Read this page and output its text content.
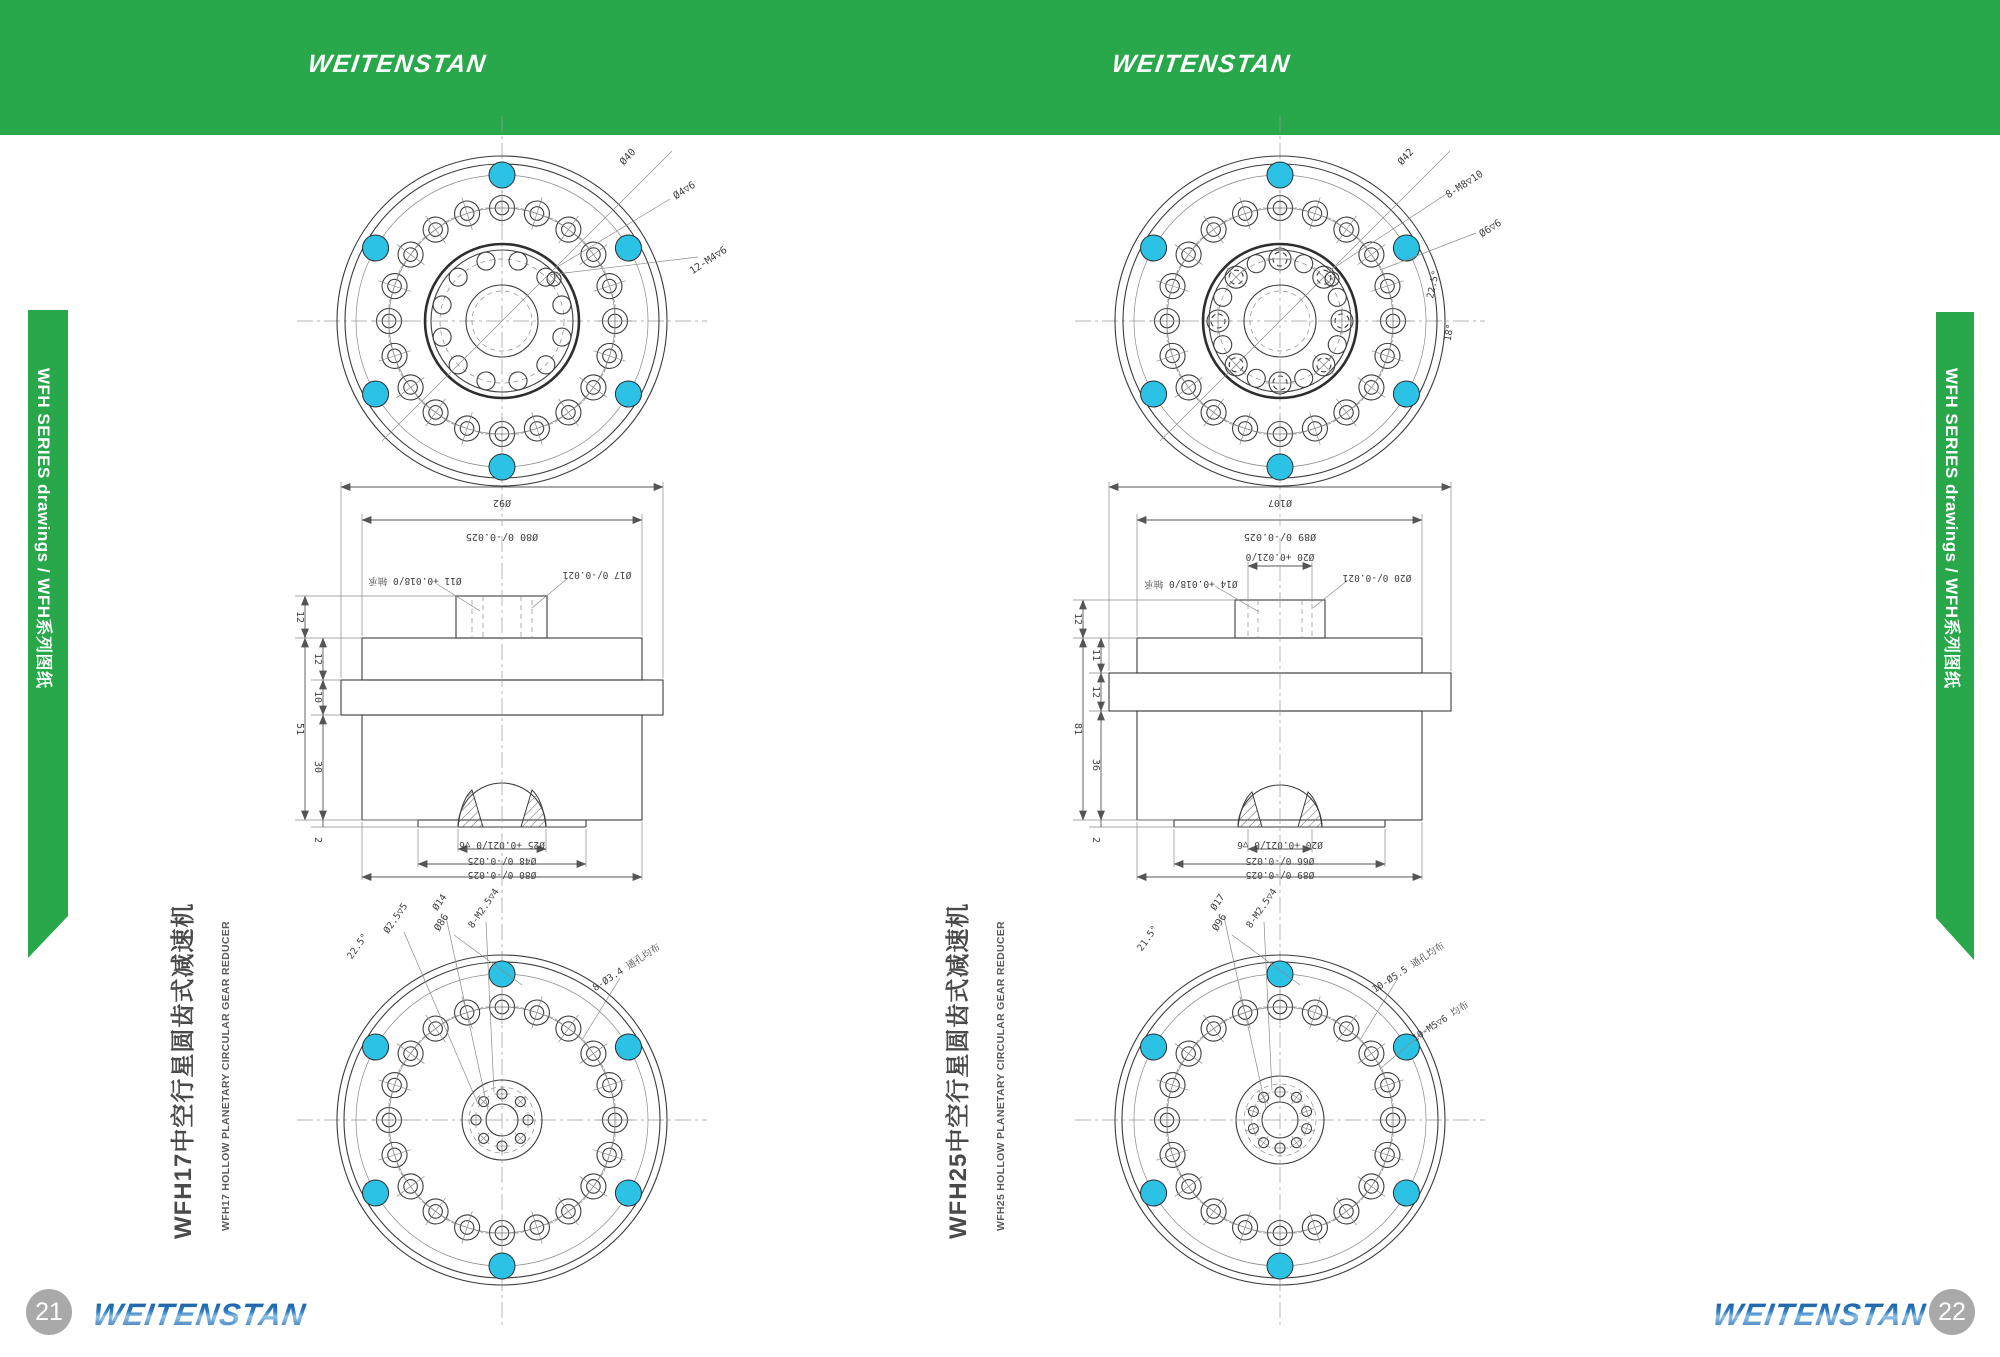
WEITENSTAN	WEITENSTAN
WFH SERIES drawings / WFH系列图纸	WFH SERIES drawings / WFH系列图纸
Ø40
Ø4▽6
12-M4▽6
Ø92
Ø80 0/-0.025
Ø11 +0.018/0 轴承
Ø17 0/-0.021
12
12
10
51
30
2	Ø25 +0.021/0 ▽6
Ø48 0/-0.025
Ø80 0/-0.025
Ø86
8-Ø3.4 通孔均布
8-M2.5▽4
Ø14
Ø2.5▽5
22.5°
WFH17中空行星圆齿式减速机 WFH17 HOLLOW PLANETARY CIRCULAR GEAR REDUCER
Ø42
8-M8▽10
Ø6▽6
22.5°
18°
Ø107
Ø89 0/-0.025
Ø20 +0.021/0
Ø14 +0.018/0 轴承
Ø20 0/-0.021
12
11
12
81
36
2	Ø20 +0.021/0 ▽6
Ø66 0/-0.025
Ø89 0/-0.025
Ø96
10-Ø5.5 通孔均布
10-M5▽6 均布
8-M2.5▽4
Ø17
21.5°
WFH25中空行星圆齿式减速机 WFH25 HOLLOW PLANETARY CIRCULAR GEAR REDUCER
21 WEITENSTAN	WEITENSTAN 22
